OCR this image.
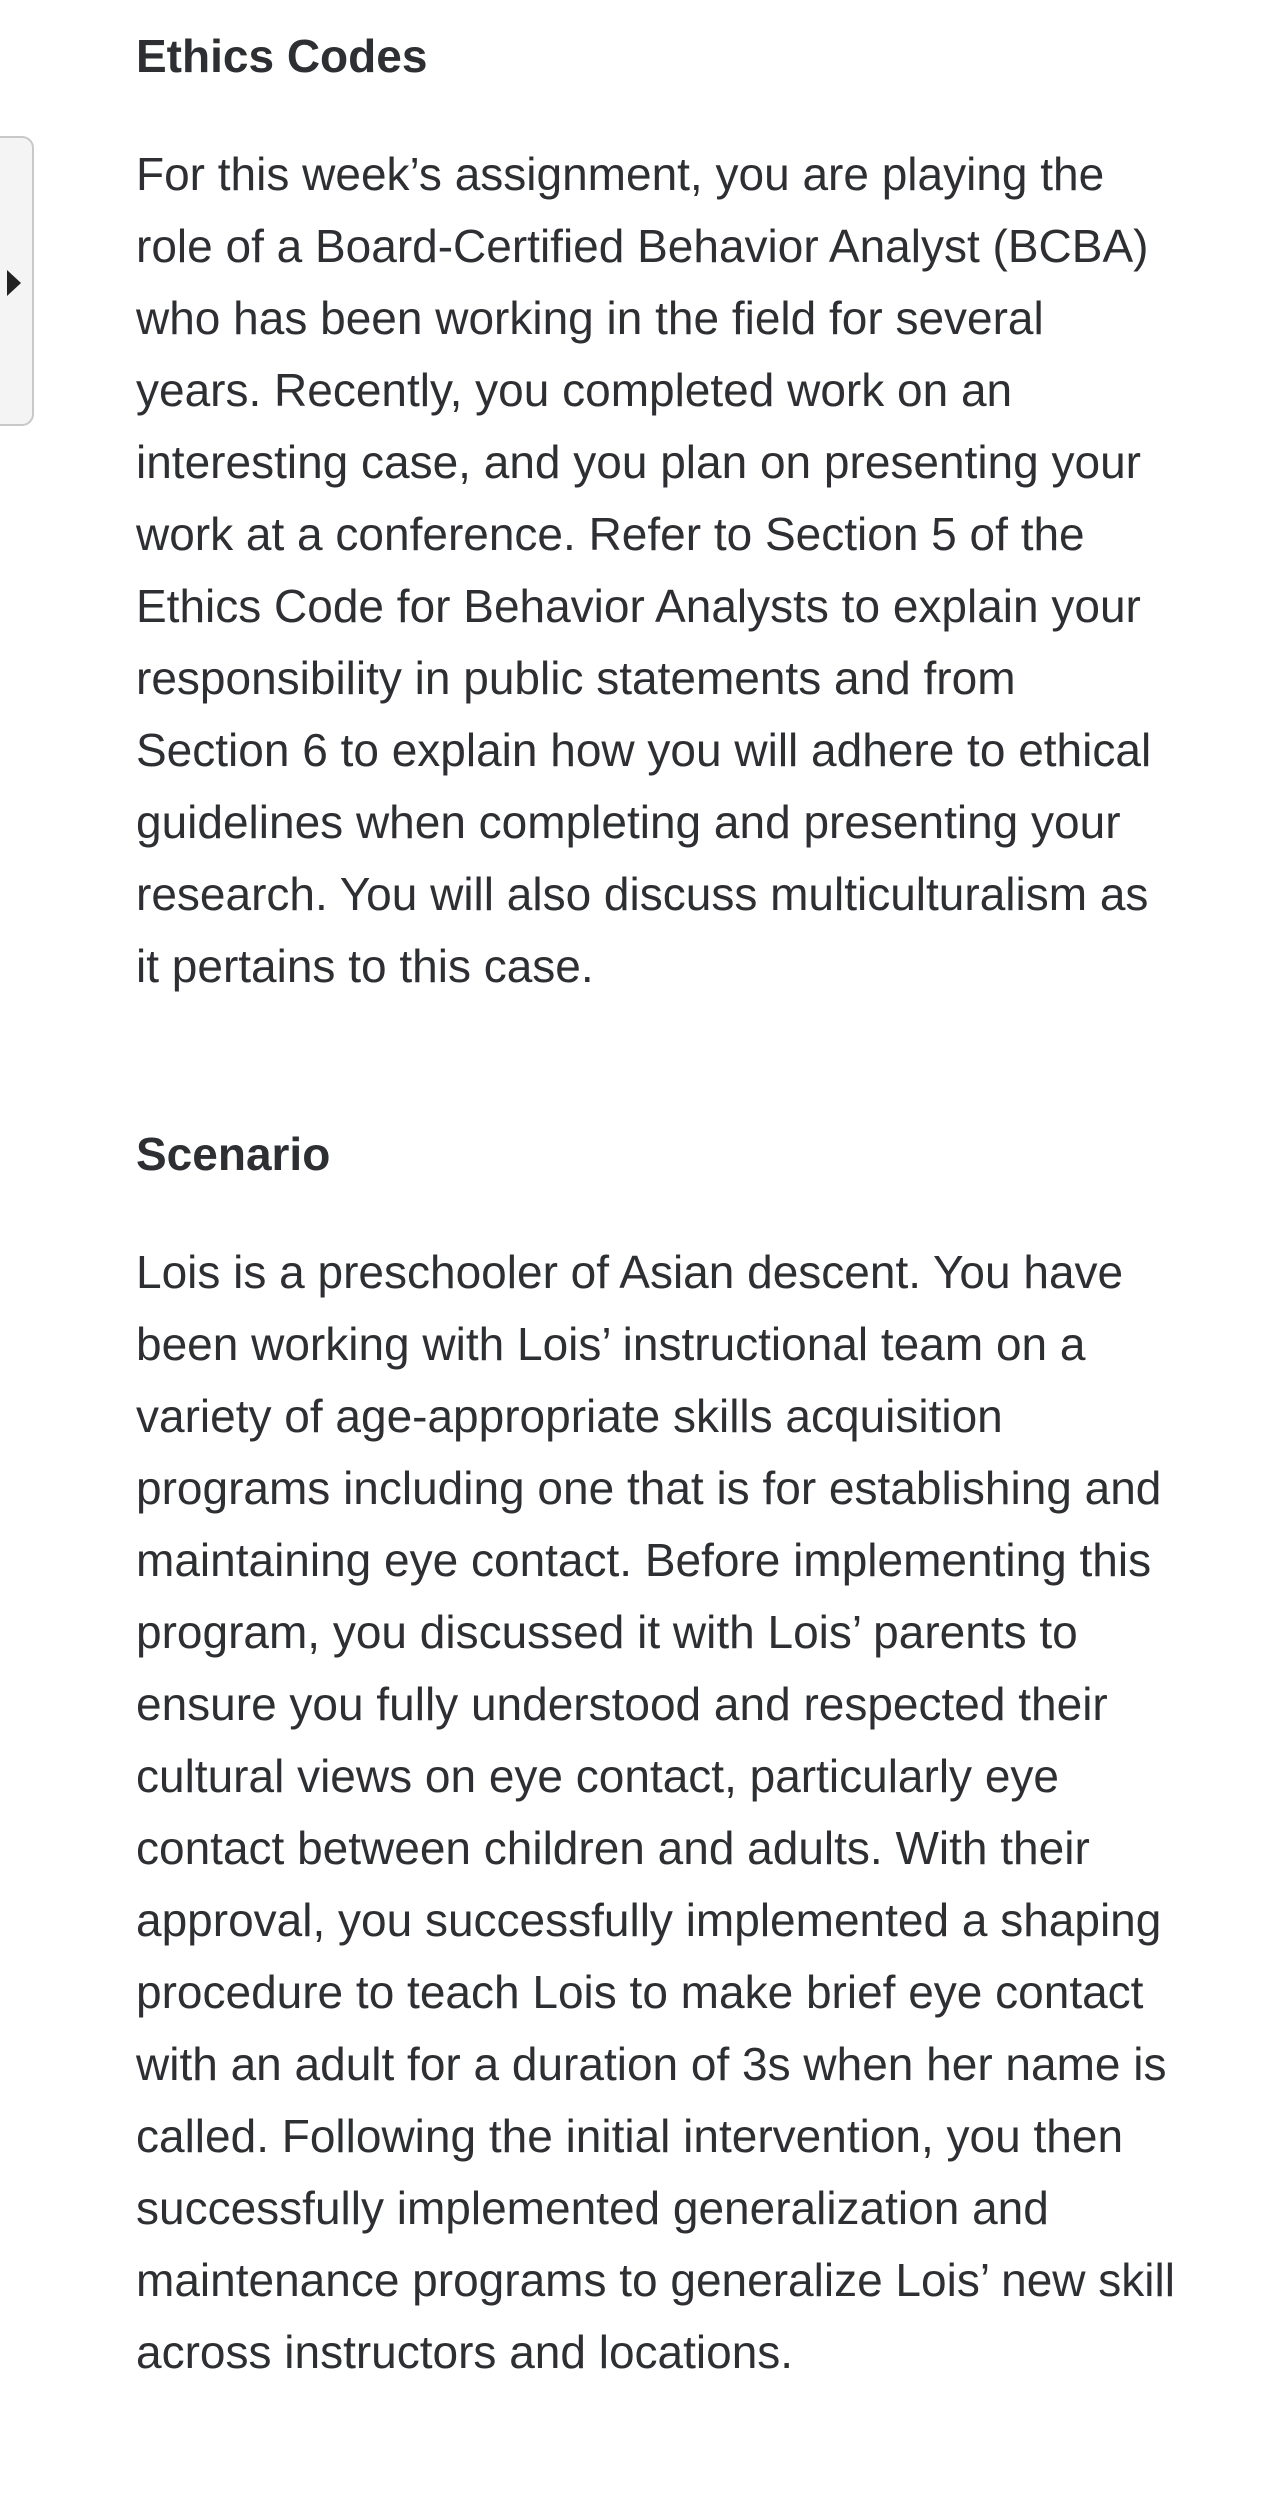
Ethics Codes

For this week’s assignment, you are playing the role of a Board-Certified Behavior Analyst (BCBA) who has been working in the field for several years. Recently, you completed work on an interesting case, and you plan on presenting your work at a conference. Refer to Section 5 of the Ethics Code for Behavior Analysts to explain your responsibility in public statements and from Section 6 to explain how you will adhere to ethical guidelines when completing and presenting your research. You will also discuss multiculturalism as it pertains to this case.

Scenario

Lois is a preschooler of Asian descent. You have been working with Lois’ instructional team on a variety of age-appropriate skills acquisition programs including one that is for establishing and maintaining eye contact. Before implementing this program, you discussed it with Lois’ parents to ensure you fully understood and respected their cultural views on eye contact, particularly eye contact between children and adults. With their approval, you successfully implemented a shaping procedure to teach Lois to make brief eye contact with an adult for a duration of 3s when her name is called. Following the initial intervention, you then successfully implemented generalization and maintenance programs to generalize Lois’ new skill across instructors and locations.
